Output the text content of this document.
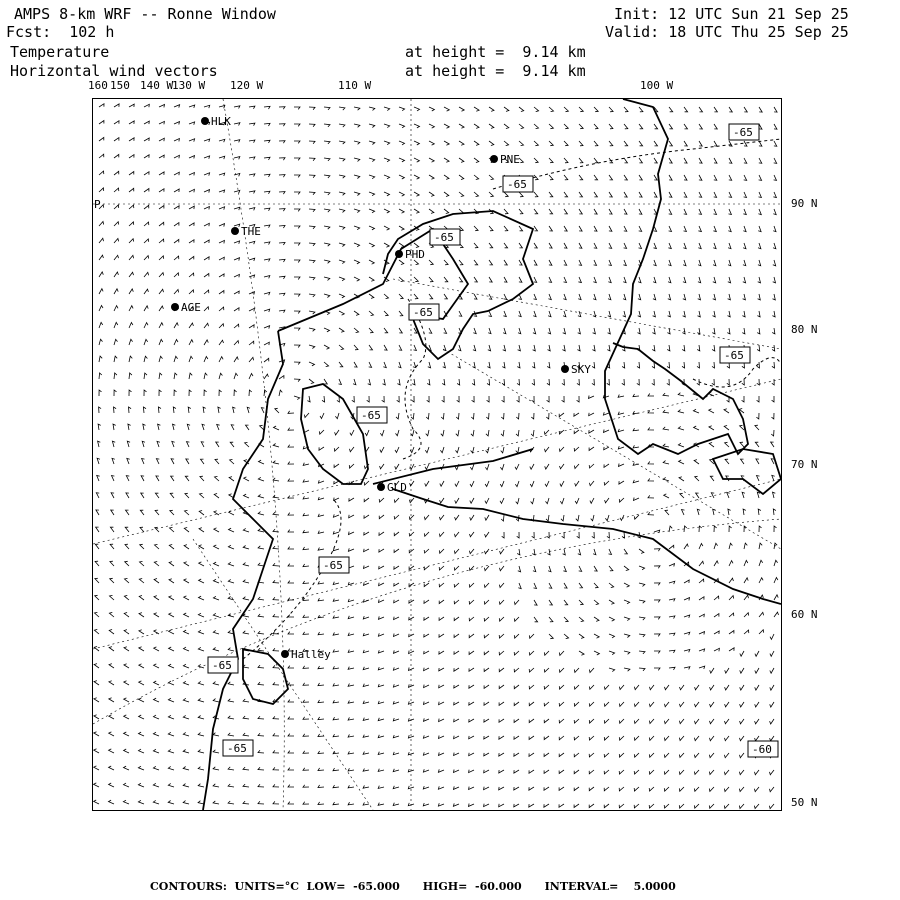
AMPS 8-km WRF -- Ronne Window
Fcst:  102 h
Init: 12 UTC Sun 21 Sep 25
Valid: 18 UTC Thu 25 Sep 25
Temperature
Horizontal wind vectors
at height =  9.14 km
at height =  9.14 km
160 150 140 W
130 W 120 W	110 W	100 W
90 N
80 N
70 N
60 N
50 N
HLK
PNE
THE
PHD
AGE
SKY
GLD
Halley
-65
-65
-65
-65
-65
-65
-65
-65
-65
-60
P
CONTOURS:  UNITS=°C  LOW=  -65.000      HIGH=  -60.000      INTERVAL=    5.0000
